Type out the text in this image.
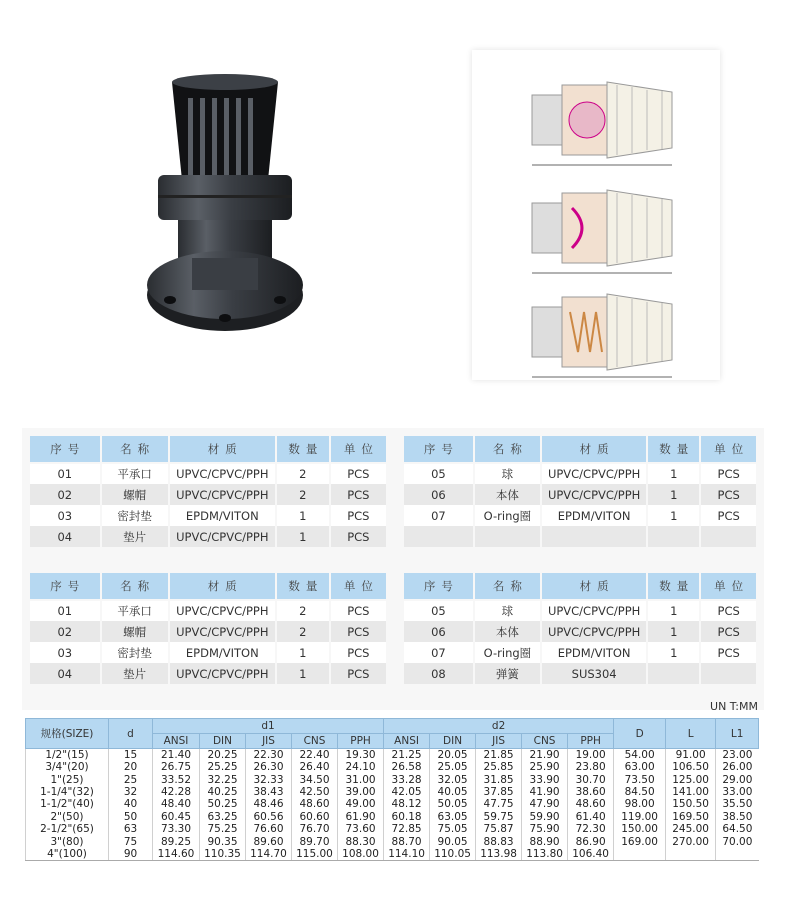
序号	名称	材质	数量	单位
01	平承口	UPVC/CPVC/PPH	2	PCS
02	螺帽	UPVC/CPVC/PPH	2	PCS
03	密封垫	EPDM/VITON	1	PCS
04	垫片	UPVC/CPVC/PPH	1	PCS
序号	名称	材质	数量	单位
05	球	UPVC/CPVC/PPH	1	PCS
06	本体	UPVC/CPVC/PPH	1	PCS
07	O-ring圈	EPDM/VITON	1	PCS

序号	名称	材质	数量	单位
01	平承口	UPVC/CPVC/PPH	2	PCS
02	螺帽	UPVC/CPVC/PPH	2	PCS
03	密封垫	EPDM/VITON	1	PCS
04	垫片	UPVC/CPVC/PPH	1	PCS
序号	名称	材质	数量	单位
05	球	UPVC/CPVC/PPH	1	PCS
06	本体	UPVC/CPVC/PPH	1	PCS
07	O-ring圈	EPDM/VITON	1	PCS
08	弹簧	SUS304		
UN T:MM
规格(SIZE)	d	d1					d2					D	L	L1
		ANSI	DIN	JIS	CNS	PPH	ANSI	DIN	JIS	CNS	PPH			
1/2"(15)	15	21.40	20.25	22.30	22.40	19.30	21.25	20.05	21.85	21.90	19.00	54.00	91.00	23.00
3/4"(20)	20	26.75	25.25	26.30	26.40	24.10	26.58	25.05	25.85	25.90	23.80	63.00	106.50	26.00
1"(25)	25	33.52	32.25	32.33	34.50	31.00	33.28	32.05	31.85	33.90	30.70	73.50	125.00	29.00
1-1/4"(32)	32	42.28	40.25	38.43	42.50	39.00	42.05	40.05	37.85	41.90	38.60	84.50	141.00	33.00
1-1/2"(40)	40	48.40	50.25	48.46	48.60	49.00	48.12	50.05	47.75	47.90	48.60	98.00	150.50	35.50
2"(50)	50	60.45	63.25	60.56	60.60	61.90	60.18	63.05	59.75	59.90	61.40	119.00	169.50	38.50
2-1/2"(65)	63	73.30	75.25	76.60	76.70	73.60	72.85	75.05	75.87	75.90	72.30	150.00	245.00	64.50
3"(80)	75	89.25	90.35	89.60	89.70	88.30	88.70	90.05	88.83	88.90	86.90	169.00	270.00	70.00
4"(100)	90	114.60	110.35	114.70	115.00	108.00	114.10	110.05	113.98	113.80	106.40			
